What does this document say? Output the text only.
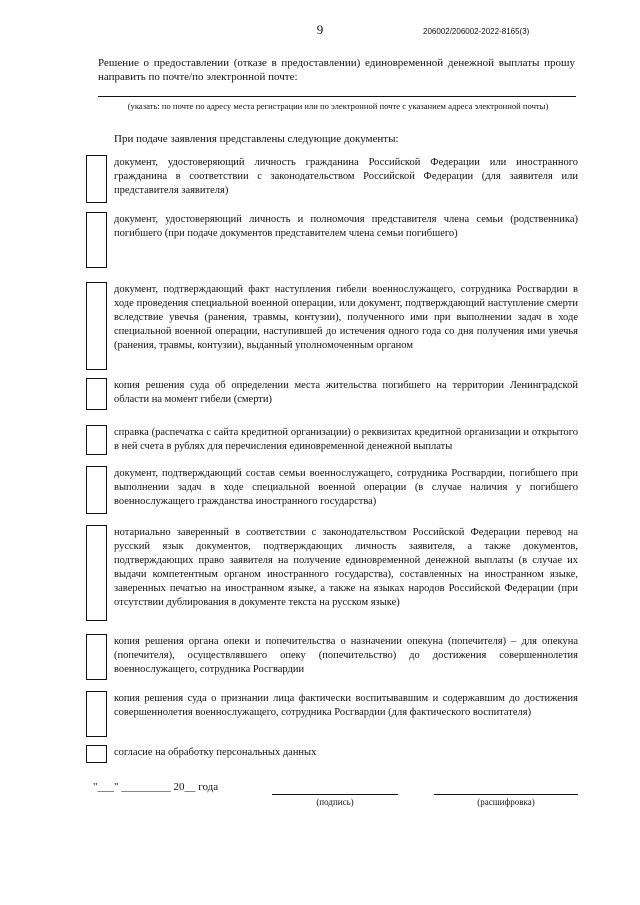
9	206002/206002-2022-8165(3)
Решение о предоставлении (отказе в предоставлении) единовременной денежной выплаты прошу направить по почте/по электронной почте:
(указать: по почте по адресу места регистрации или по электронной почте с указанием адреса электронной почты)
При подаче заявления представлены следующие документы:
документ, удостоверяющий личность гражданина Российской Федерации или иностранного гражданина в соответствии с законодательством Российской Федерации (для заявителя или представителя заявителя)
документ, удостоверяющий личность и полномочия представителя члена семьи (родственника) погибшего (при подаче документов представителем члена семьи погибшего)
документ, подтверждающий факт наступления гибели военнослужащего, сотрудника Росгвардии в ходе проведения специальной военной операции, или документ, подтверждающий наступление смерти вследствие увечья (ранения, травмы, контузии), полученного ими при выполнении задач в ходе специальной военной операции, наступившей до истечения одного года со дня получения ими увечья (ранения, травмы, контузии), выданный уполномоченным органом
копия решения суда об определении места жительства погибшего на территории Ленинградской области на момент гибели (смерти)
справка (распечатка с сайта кредитной организации) о реквизитах кредитной организации и открытого в ней счета в рублях для перечисления единовременной денежной выплаты
документ, подтверждающий состав семьи военнослужащего, сотрудника Росгвардии, погибшего при выполнении задач в ходе специальной военной операции (в случае наличия у погибшего военнослужащего гражданства иностранного государства)
нотариально заверенный в соответствии с законодательством Российской Федерации перевод на русский язык документов, подтверждающих личность заявителя, а также документов, подтверждающих право заявителя на получение единовременной денежной выплаты (в случае их выдачи компетентным органом иностранного государства), составленных на иностранном языке, заверенных печатью на иностранном языке, а также на языках народов Российской Федерации (при отсутствии дублирования в документе текста на русском языке)
копия решения органа опеки и попечительства о назначении опекуна (попечителя) – для опекуна (попечителя), осуществлявшего опеку (попечительство) до достижения совершеннолетия военнослужащего, сотрудника Росгвардии
копия решения суда о признании лица фактически воспитывавшим и содержавшим до достижения совершеннолетия военнослужащего, сотрудника Росгвардии (для фактического воспитателя)
согласие на обработку персональных данных
"___" _________ 20__ года
(подпись)	(расшифровка)
